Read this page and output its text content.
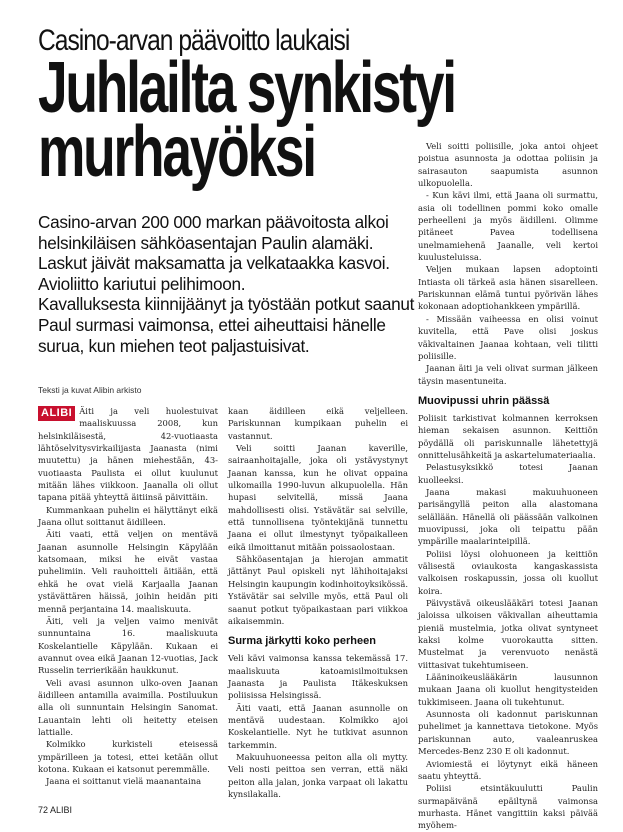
Casino-arvan päävoitto laukaisi
Juhlailta synkistyi
murhayöksi
Casino-arvan 200 000 markan päävoitosta alkoi
helsinkiläisen sähköasentajan Paulin alamäki.
Laskut jäivät maksamatta ja velkataakka kasvoi.
Avioliitto kariutui pelihimoon.
Kavalluksesta kiinnijäänyt ja työstään potkut saanut
Paul surmasi vaimonsa, ettei aiheuttaisi hänelle
surua, kun miehen teot paljastuisivat.
Teksti ja kuvat Alibin arkisto

ALIBI Äiti ja veli huolestuivat maaliskuussa 2008, kun helsinkiläisestä, 42-vuotiaasta lähtöselvitysvirkailijasta Jaanasta (nimi muutettu) ja hänen miehestään, 43-vuotiaasta Paulista ei ollut kuulunut mitään lähes viikkoon. Jaanalla oli ollut tapana pitää yhteyttä äitiinsä päivittäin.

Kummankaan puhelin ei hälyttänyt eikä Jaana ollut soittanut äidilleen.

Äiti vaati, että veljen on mentävä Jaanan asunnolle Helsingin Käpylään katsomaan, miksi he eivät vastaa puhelimiin. Veli rauhoitteli äitiään, että ehkä he ovat vielä Karjaalla Jaanan ystävättären häissä, joihin heidän piti mennä perjantaina 14. maaliskuuta.

Äiti, veli ja veljen vaimo menivät sunnuntaina 16. maaliskuuta Koskelantielle Käpylään. Kukaan ei avannut ovea eikä Jaanan 12-vuotias, Jack Russelin terrierikään haukkunut.

Veli avasi asunnon ulko-oven Jaanan äidilleen antamilla avaimilla. Postiluukun alla oli sunnuntain Helsingin Sanomat. Lauantain lehti oli heitetty eteisen lattialle.

Kolmikko kurkisteli eteisessä ympärilleen ja totesi, ettei ketään ollut kotona. Kukaan ei katsonut peremmälle.

Jaana ei soittanut vielä maanantaina

kaan äidilleen eikä veljelleen. Pariskunnan kumpikaan puhelin ei vastannut.

Veli soitti Jaanan kaverille, sairaanhoitajalle, joka oli ystävystynyt Jaanan kanssa, kun he olivat oppaina ulkomailla 1990-luvun alkupuolella. Hän hupasi selvitellä, missä Jaana mahdollisesti olisi. Ystävätär sai selville, että tunnollisena työntekijänä tunnettu Jaana ei ollut ilmestynyt työpaikalleen eikä ilmoittanut mitään poissaolostaan.

Sähköasentajan ja hierojan ammatit jättänyt Paul opiskeli nyt lähihoitajaksi Helsingin kaupungin kodinhoitoyksikössä. Ystävätär sai selville myös, että Paul oli saanut potkut työpaikastaan pari viikkoa aikaisemmin.

Surma järkytti koko perheen

Veli kävi vaimonsa kanssa tekemässä 17. maaliskuuta katoamisilmoituksen Jaanasta ja Paulista Itäkeskuksen poliisissa Helsingissä.

Äiti vaati, että Jaanan asunnolle on mentävä uudestaan. Kolmikko ajoi Koskelantielle. Nyt he tutkivat asunnon tarkemmin.

Makuuhuoneessa peiton alla oli mytty. Veli nosti peittoa sen verran, että näki peiton alla jalan, jonka varpaat oli lakattu kynsilakalla.

Veli soitti poliisille, joka antoi ohjeet poistua asunnosta ja odottaa poliisin ja sairasauton saapumista asunnon ulkopuolella.

- Kun kävi ilmi, että Jaana oli surmattu, asia oli todellinen pommi koko omalle perheelleni ja myös äidilleni. Olimme pitäneet Pavea todellisena unelmamiehenä Jaanalle, veli kertoi kuulusteluissa.

Veljen mukaan lapsen adoptointi Intiasta oli tärkeä asia hänen sisarelleen. Pariskunnan elämä tuntui pyörivän lähes kokonaan adoptiohankkeen ympärillä.

- Missään vaiheessa en olisi voinut kuvitella, että Pave olisi joskus väkivaltainen Jaanaa kohtaan, veli tilitti poliisille.

Jaanan äiti ja veli olivat surman jälkeen täysin masentuneita.

Muovipussi uhrin päässä

Poliisit tarkistivat kolmannen kerroksen hieman sekaisen asunnon. Keittiön pöydällä oli pariskunnalle lähetettyjä onnittelusähkeitä ja askartelumateriaalia.

Pelastusyksikkö totesi Jaanan kuolleeksi.

Jaana makasi makuuhuoneen parisängyllä peiton alla alastomana selällään. Hänellä oli päässään valkoinen muovipussi, joka oli teipattu pään ympärille maalarinteipillä.

Poliisi löysi olohuoneen ja keittiön välisestä oviaukosta kangaskassista valkoisen roskapussin, jossa oli kuollut koira.

Päivystävä oikeuslääkäri totesi Jaanan jaloissa ulkoisen väkivallan aiheuttamia pieniä mustelmia, jotka olivat syntyneet kaksi kolme vuorokautta sitten. Mustelmat ja verenvuoto nenästä viittasivat tukehtumiseen.

Lääninoikeuslääkärin lausunnon mukaan Jaana oli kuollut hengitysteiden tukkimiseen. Jaana oli tukehtunut.

Asunnosta oli kadonnut pariskunnan puhelimet ja kannettava tietokone. Myös pariskunnan auto, vaaleanruskea Mercedes-Benz 230 E oli kadonnut.

Aviomiestä ei löytynyt eikä häneen saatu yhteyttä.

Poliisi etsintäkuulutti Paulin surmapäivänä epäiltynä vaimonsa murhasta. Hänet vangittiin kaksi päivää myöhem-

72 ALIBI
